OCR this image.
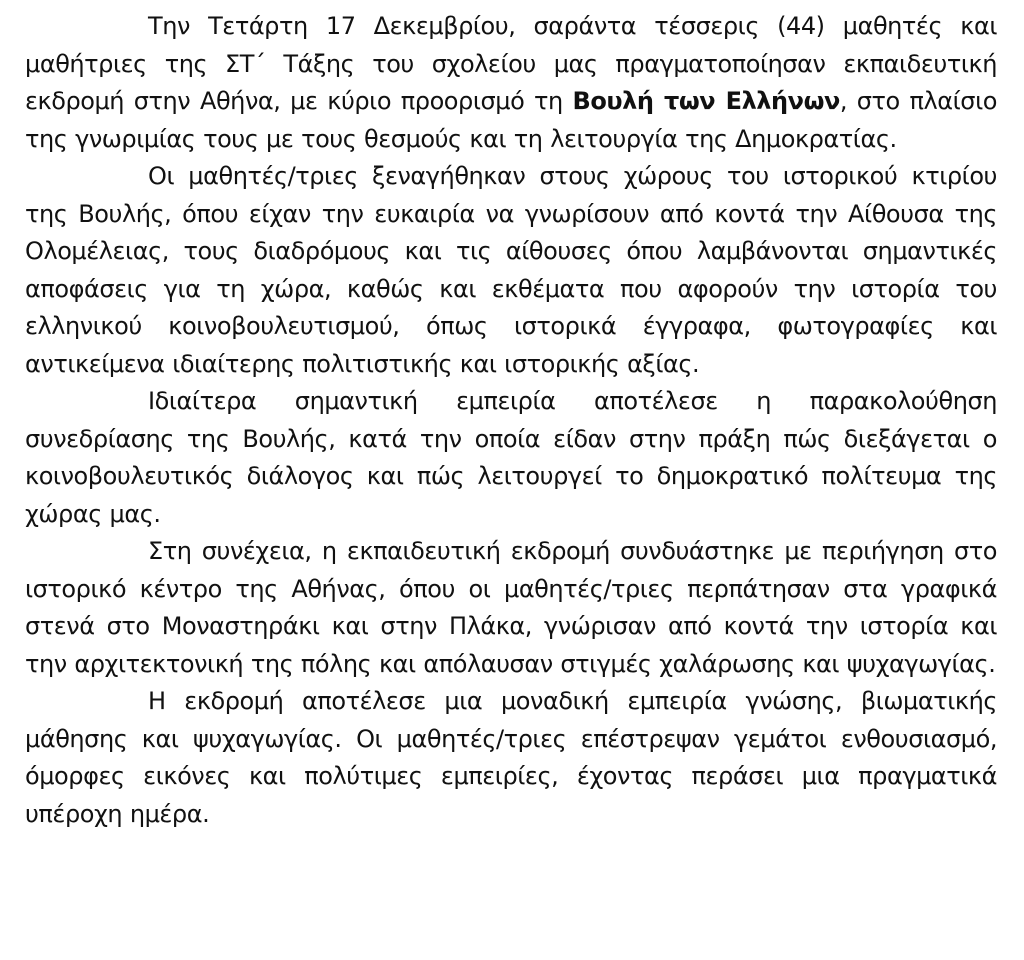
Την Τετάρτη 17 Δεκεμβρίου, σαράντα τέσσερις (44) μαθητές και μαθήτριες της ΣΤ΄ Τάξης του σχολείου μας πραγματοποίησαν εκπαιδευτική εκδρομή στην Αθήνα, με κύριο προορισμό τη Βουλή των Ελλήνων, στο πλαίσιο της γνωριμίας τους με τους θεσμούς και τη λειτουργία της Δημοκρατίας.

Οι μαθητές/τριες ξεναγήθηκαν στους χώρους του ιστορικού κτιρίου της Βουλής, όπου είχαν την ευκαιρία να γνωρίσουν από κοντά την Αίθουσα της Ολομέλειας, τους διαδρόμους και τις αίθουσες όπου λαμβάνονται σημαντικές αποφάσεις για τη χώρα, καθώς και εκθέματα που αφορούν την ιστορία του ελληνικού κοινοβουλευτισμού, όπως ιστορικά έγγραφα, φωτογραφίες και αντικείμενα ιδιαίτερης πολιτιστικής και ιστορικής αξίας.

Ιδιαίτερα σημαντική εμπειρία αποτέλεσε η παρακολούθηση συνεδρίασης της Βουλής, κατά την οποία είδαν στην πράξη πώς διεξάγεται ο κοινοβουλευτικός διάλογος και πώς λειτουργεί το δημοκρατικό πολίτευμα της χώρας μας.

Στη συνέχεια, η εκπαιδευτική εκδρομή συνδυάστηκε με περιήγηση στο ιστορικό κέντρο της Αθήνας, όπου οι μαθητές/τριες περπάτησαν στα γραφικά στενά στο Μοναστηράκι και στην Πλάκα, γνώρισαν από κοντά την ιστορία και την αρχιτεκτονική της πόλης και απόλαυσαν στιγμές χαλάρωσης και ψυχαγωγίας.

Η εκδρομή αποτέλεσε μια μοναδική εμπειρία γνώσης, βιωματικής μάθησης και ψυχαγωγίας. Οι μαθητές/τριες επέστρεψαν γεμάτοι ενθουσιασμό, όμορφες εικόνες και πολύτιμες εμπειρίες, έχοντας περάσει μια πραγματικά υπέροχη ημέρα.
